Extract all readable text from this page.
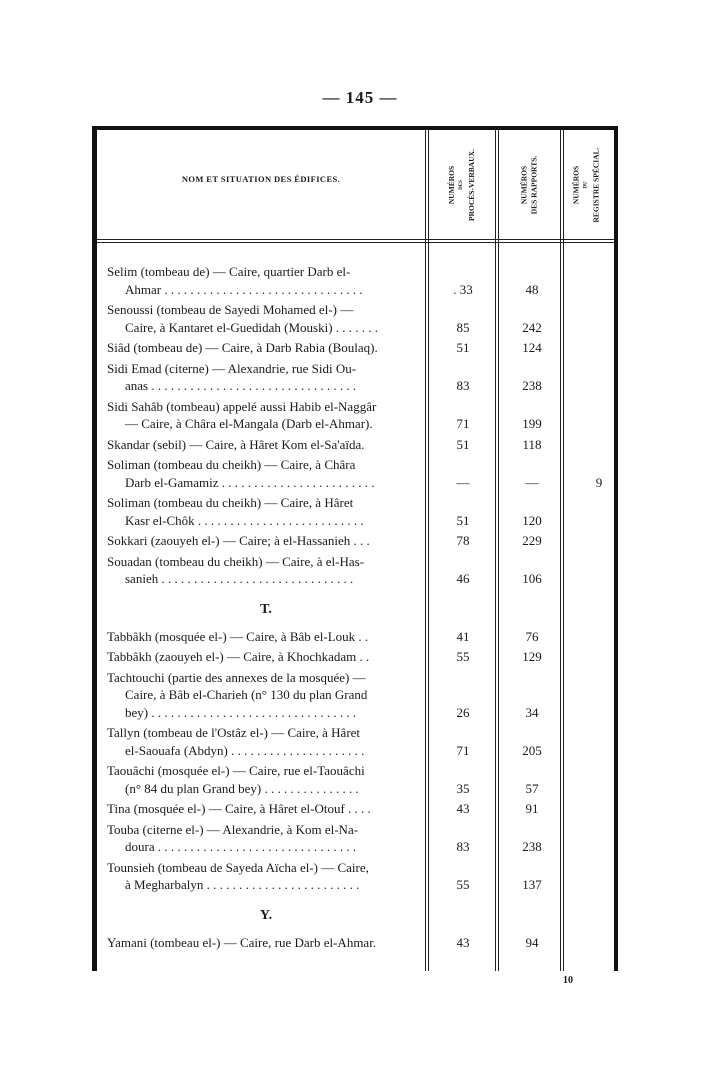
— 145 —
NOM ET SITUATION DES ÉDIFICES.	NUMÉROS DES PROCÈS-VERBAUX.	NUMÉROS
DES RAPPORTS.	NUMÉROS DU REGISTRE SPÉCIAL.
Selim (tombeau de) — Caire, quartier Darb el-
Ahmar . . . . . . . . . . . . . . . . . . . . . . . . . . . . . . .	. 33	48
Senoussi (tombeau de Sayedi Mohamed el-) —
Caire, à Kantaret el-Guedidah (Mouski) . . . . . . .	85	242
Siâd (tombeau de) — Caire, à Darb Rabia (Boulaq).	51	124
Sidi Emad (citerne) — Alexandrie, rue Sidi Ou-
anas . . . . . . . . . . . . . . . . . . . . . . . . . . . . . . . .	83	238
Sidi Sahâb (tombeau) appelé aussi Habib el-Naggâr
— Caire, à Châra el-Mangala (Darb el-Ahmar).	71	199
Skandar (sebil) — Caire, à Hâret Kom el-Sa'aïda.	51	118
Soliman (tombeau du cheikh) — Caire, à Châra
Darb el-Gamamiz . . . . . . . . . . . . . . . . . . . . . . . .	—	—	9
Soliman (tombeau du cheikh) — Caire, à Hâret
Kasr el-Chôk . . . . . . . . . . . . . . . . . . . . . . . . . .	51	120
Sokkari (zaouyeh el-) — Caire; à el-Hassanieh . . .	78	229
Souadan (tombeau du cheikh) — Caire, à el-Has-
sanieh . . . . . . . . . . . . . . . . . . . . . . . . . . . . . .	46	106
T.
Tabbâkh (mosquée el-) — Caire, à Bâb el-Louk . .	41	76
Tabbâkh (zaouyeh el-) — Caire, à Khochkadam . .	55	129
Tachtouchi (partie des annexes de la mosquée) —
Caire, à Bâb el-Charieh (n° 130 du plan Grand
bey) . . . . . . . . . . . . . . . . . . . . . . . . . . . . . . . .	26	34
Tallyn (tombeau de l'Ostâz el-) — Caire, à Hâret
el-Saouafa (Abdyn) . . . . . . . . . . . . . . . . . . . . .	71	205
Taouâchi (mosquée el-) — Caire, rue el-Taouâchi
(n° 84 du plan Grand bey) . . . . . . . . . . . . . . .	35	57
Tina (mosquée el-) — Caire, à Hâret el-Otouf . . . .	43	91
Touba (citerne el-) — Alexandrie, à Kom el-Na-
doura . . . . . . . . . . . . . . . . . . . . . . . . . . . . . . .	83	238
Tounsieh (tombeau de Sayeda Aïcha el-) — Caire,
à Megharbalyn . . . . . . . . . . . . . . . . . . . . . . . .	55	137
Y.
Yamani (tombeau el-) — Caire, rue Darb el-Ahmar.	43	94
10
